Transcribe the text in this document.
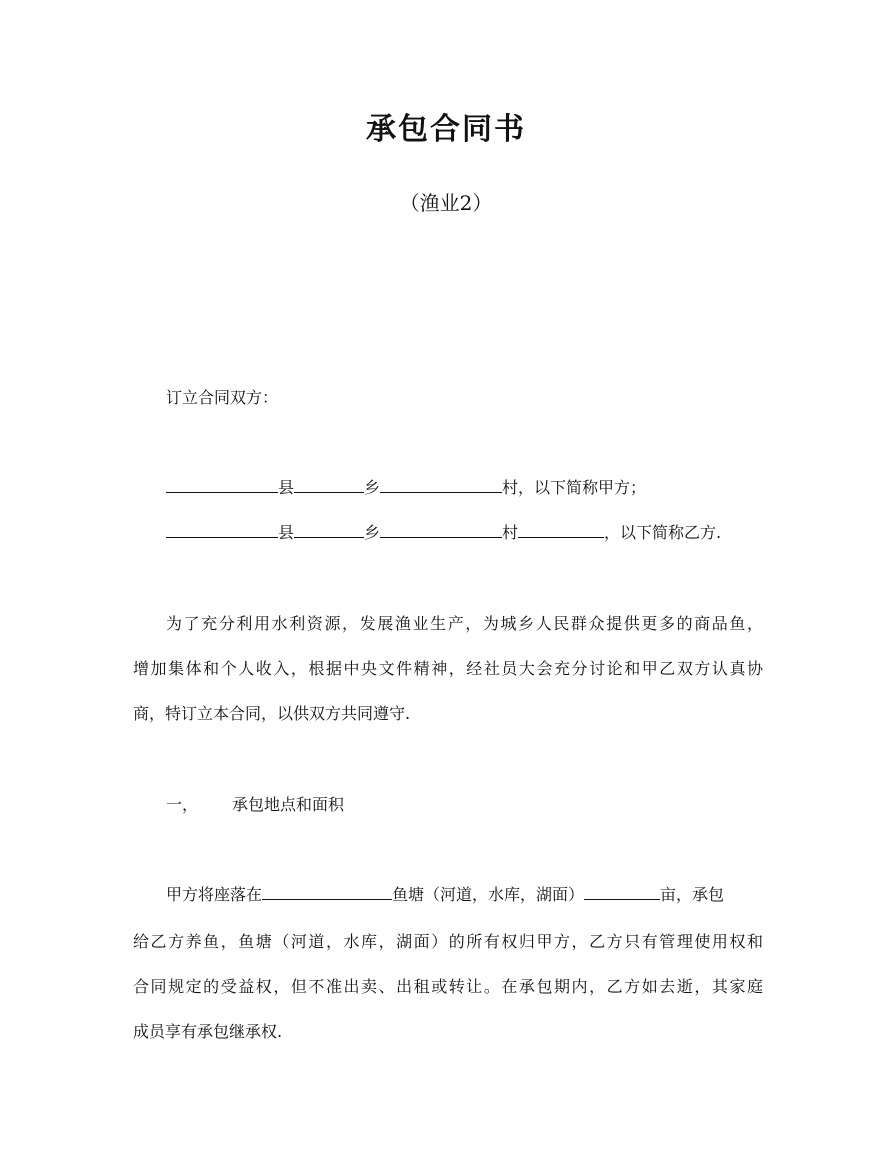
承包合同书
（渔业2）
订立合同双方：
县	乡	村，以下简称甲方；
县	乡	村	，以下简称乙方.
为了充分利用水利资源，发展渔业生产，为城乡人民群众提供更多的商品鱼，
增加集体和个人收入，根据中央文件精神，经社员大会充分讨论和甲乙双方认真协
商，特订立本合同，以供双方共同遵守.
一， 承包地点和面积
甲方将座落在	鱼塘（河道，水库，湖面）	亩，承包
给乙方养鱼，鱼塘（河道，水库，湖面）的所有权归甲方，乙方只有管理使用权和
合同规定的受益权，但不准出卖、出租或转让。在承包期内，乙方如去逝，其家庭
成员享有承包继承权.
